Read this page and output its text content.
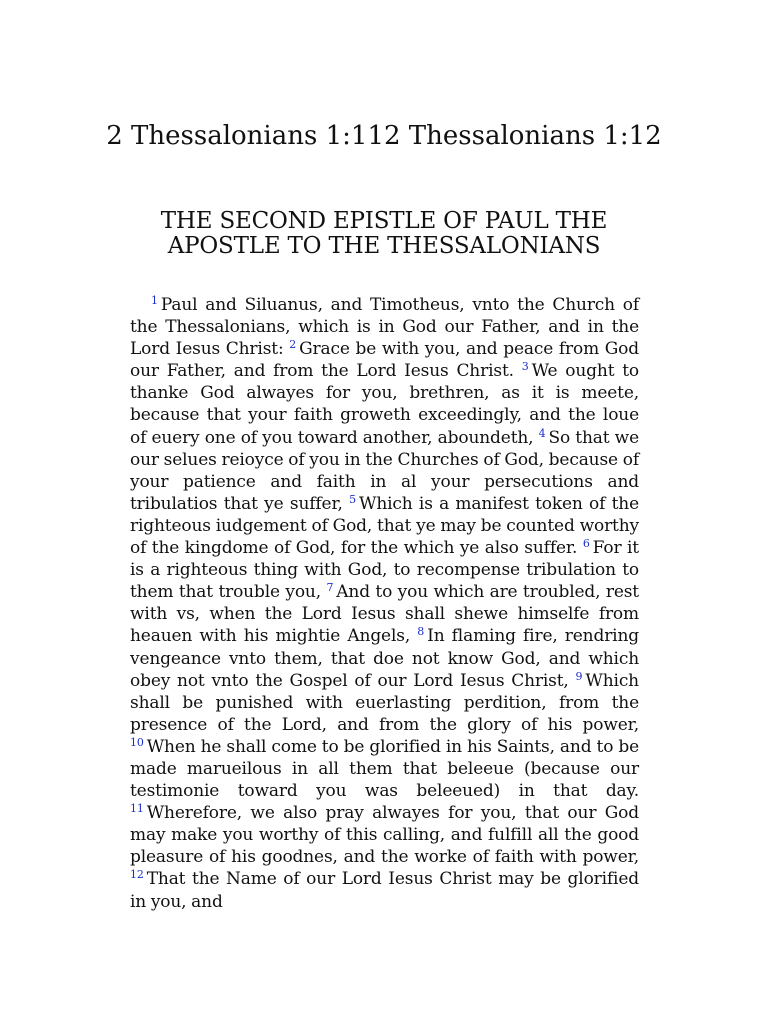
2 Thessalonians 1:112 Thessalonians 1:12
THE SECOND EPISTLE OF PAUL THE
APOSTLE TO THE THESSALONIANS

$^1$ Paul and Siluanus, and Timotheus, vnto the Church of the Thessalonians, which is in God our Father, and in the Lord Iesus Christ: $^2$ Grace be with you, and peace from God our Father, and from the Lord Iesus Christ. $^3$ We ought to thanke God alwayes for you, brethren, as it is meete, because that your faith groweth exceedingly, and the loue of euery one of you toward another, aboundeth, $^4$ So that we our selues reioyce of you in the Churches of God, because of your patience and faith in al your persecutions and tribulatios that ye suffer, $^5$ Which is a manifest token of the righteous iudgement of God, that ye may be counted worthy of the kingdome of God, for the which ye also suffer. $^6$ For it is a righteous thing with God, to recompense tribulation to them that trouble you, $^7$ And to you which are troubled, rest with vs, when the Lord Iesus shall shewe himselfe from heauen with his mightie Angels, $^8$ In flaming fire, rendring vengeance vnto them, that doe not know God, and which obey not vnto the Gospel of our Lord Iesus Christ, $^9$ Which shall be punished with euerlasting perdition, from the presence of the Lord, and from the glory of his power, $^{10}$ When he shall come to be glorified in his Saints, and to be made marueilous in all them that beleeue (because our testimonie toward you was beleeued) in that day. $^{11}$ Wherefore, we also pray alwayes for you, that our God may make you worthy of this calling, and fulfill all the good pleasure of his goodnes, and the worke of faith with power, $^{12}$ That the Name of our Lord Iesus Christ may be glorified in you, and
